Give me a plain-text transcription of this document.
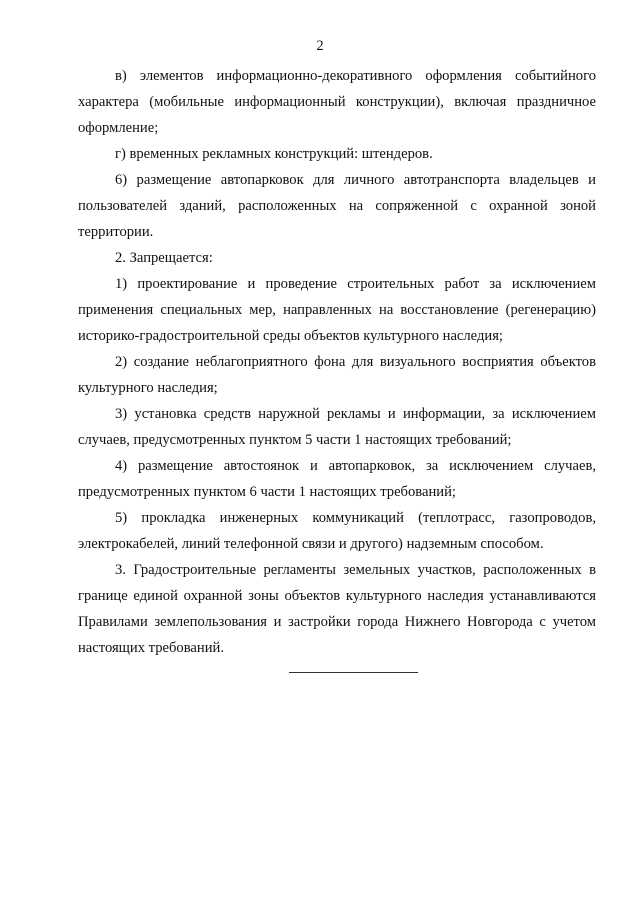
2

в) элементов информационно-декоративного оформления событийного характера (мобильные информационный конструкции), включая праздничное оформление;

г) временных рекламных конструкций: штендеров.

6) размещение автопарковок для личного автотранспорта владельцев и пользователей зданий, расположенных на сопряженной с охранной зоной территории.

2. Запрещается:

1) проектирование и проведение строительных работ за исключением применения специальных мер, направленных на восстановление (регенерацию) историко-градостроительной среды объектов культурного наследия;

2) создание неблагоприятного фона для визуального восприятия объектов культурного наследия;

3) установка средств наружной рекламы и информации, за исключением случаев, предусмотренных пунктом 5 части 1 настоящих требований;

4) размещение автостоянок и автопарковок, за исключением случаев, предусмотренных пунктом 6 части 1 настоящих требований;

5) прокладка инженерных коммуникаций (теплотрасс, газопроводов, электрокабелей, линий телефонной связи и другого) надземным способом.

3. Градостроительные регламенты земельных участков, расположенных в границе единой охранной зоны объектов культурного наследия устанавливаются Правилами землепользования и застройки города Нижнего Новгорода с учетом настоящих требований.
